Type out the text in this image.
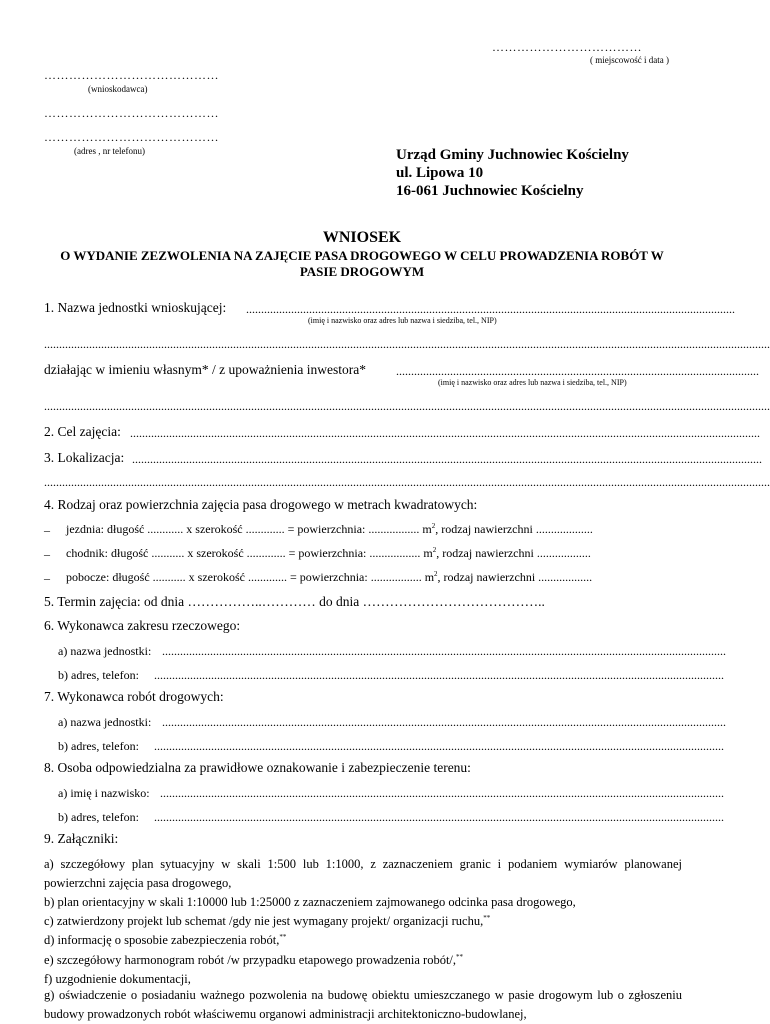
………………………………
( miejscowość i data )
……………………………………
(wnioskodawca)
……………………………………
……………………………………
(adres , nr telefonu)	Urząd Gminy Juchnowiec Kościelny
ul. Lipowa 10
16-061 Juchnowiec Kościelny
WNIOSEK
O WYDANIE ZEZWOLENIA NA ZAJĘCIE PASA DROGOWEGO W CELU PROWADZENIA ROBÓT W PASIE DROGOWYM
1. Nazwa jednostki wnioskującej: ...................................................................................................................................................................
(imię i nazwisko oraz adres lub nazwa i siedziba, tel., NIP)
..................................................................................................................................................................................................................................................
działając w imieniu własnym* / z upoważnienia inwestora* .........................................................................................................................
(imię i nazwisko oraz adres lub nazwa i siedziba, tel., NIP)
..................................................................................................................................................................................................................................................
2. Cel zajęcia: ..................................................................................................................................................................................................................
3. Lokalizacja: ..................................................................................................................................................................................................................
..................................................................................................................................................................................................................................................
4. Rodzaj oraz powierzchnia zajęcia pasa drogowego w metrach kwadratowych:
– jezdnia: długość ............ x szerokość ............. = powierzchnia: ................. $m^2$, rodzaj nawierzchni ...................
– chodnik: długość ........... x szerokość ............. = powierzchnia: ................. $m^2$, rodzaj nawierzchni ..................
– pobocze: długość ........... x szerokość ............. = powierzchnia: ................. $m^2$, rodzaj nawierzchni ..................
5. Termin zajęcia: od dnia ……………..………… do dnia …………………………………..
6. Wykonawca zakresu rzeczowego:
a) nazwa jednostki: ............................................................................................................................................................................................
b) adres, telefon: ..............................................................................................................................................................................................
7. Wykonawca robót drogowych:
a) nazwa jednostki: ............................................................................................................................................................................................
b) adres, telefon: ..............................................................................................................................................................................................
8. Osoba odpowiedzialna za prawidłowe oznakowanie i zabezpieczenie terenu:
a) imię i nazwisko: ............................................................................................................................................................................................
b) adres, telefon: ..............................................................................................................................................................................................
9. Załączniki:

a) szczegółowy plan sytuacyjny w skali 1:500 lub 1:1000, z zaznaczeniem granic i podaniem wymiarów planowanej powierzchni zajęcia pasa drogowego,

b) plan orientacyjny w skali 1:10000 lub 1:25000 z zaznaczeniem zajmowanego odcinka pasa drogowego,

c) zatwierdzony projekt lub schemat /gdy nie jest wymagany projekt/ organizacji ruchu,**

d) informację o sposobie zabezpieczenia robót,**

e) szczegółowy harmonogram robót /w przypadku etapowego prowadzenia robót/,**

f) uzgodnienie dokumentacji,

g) oświadczenie o posiadaniu ważnego pozwolenia na budowę obiektu umieszczanego w pasie drogowym lub o zgłoszeniu budowy prowadzonych robót właściwemu organowi administracji architektoniczno-budowlanej,
